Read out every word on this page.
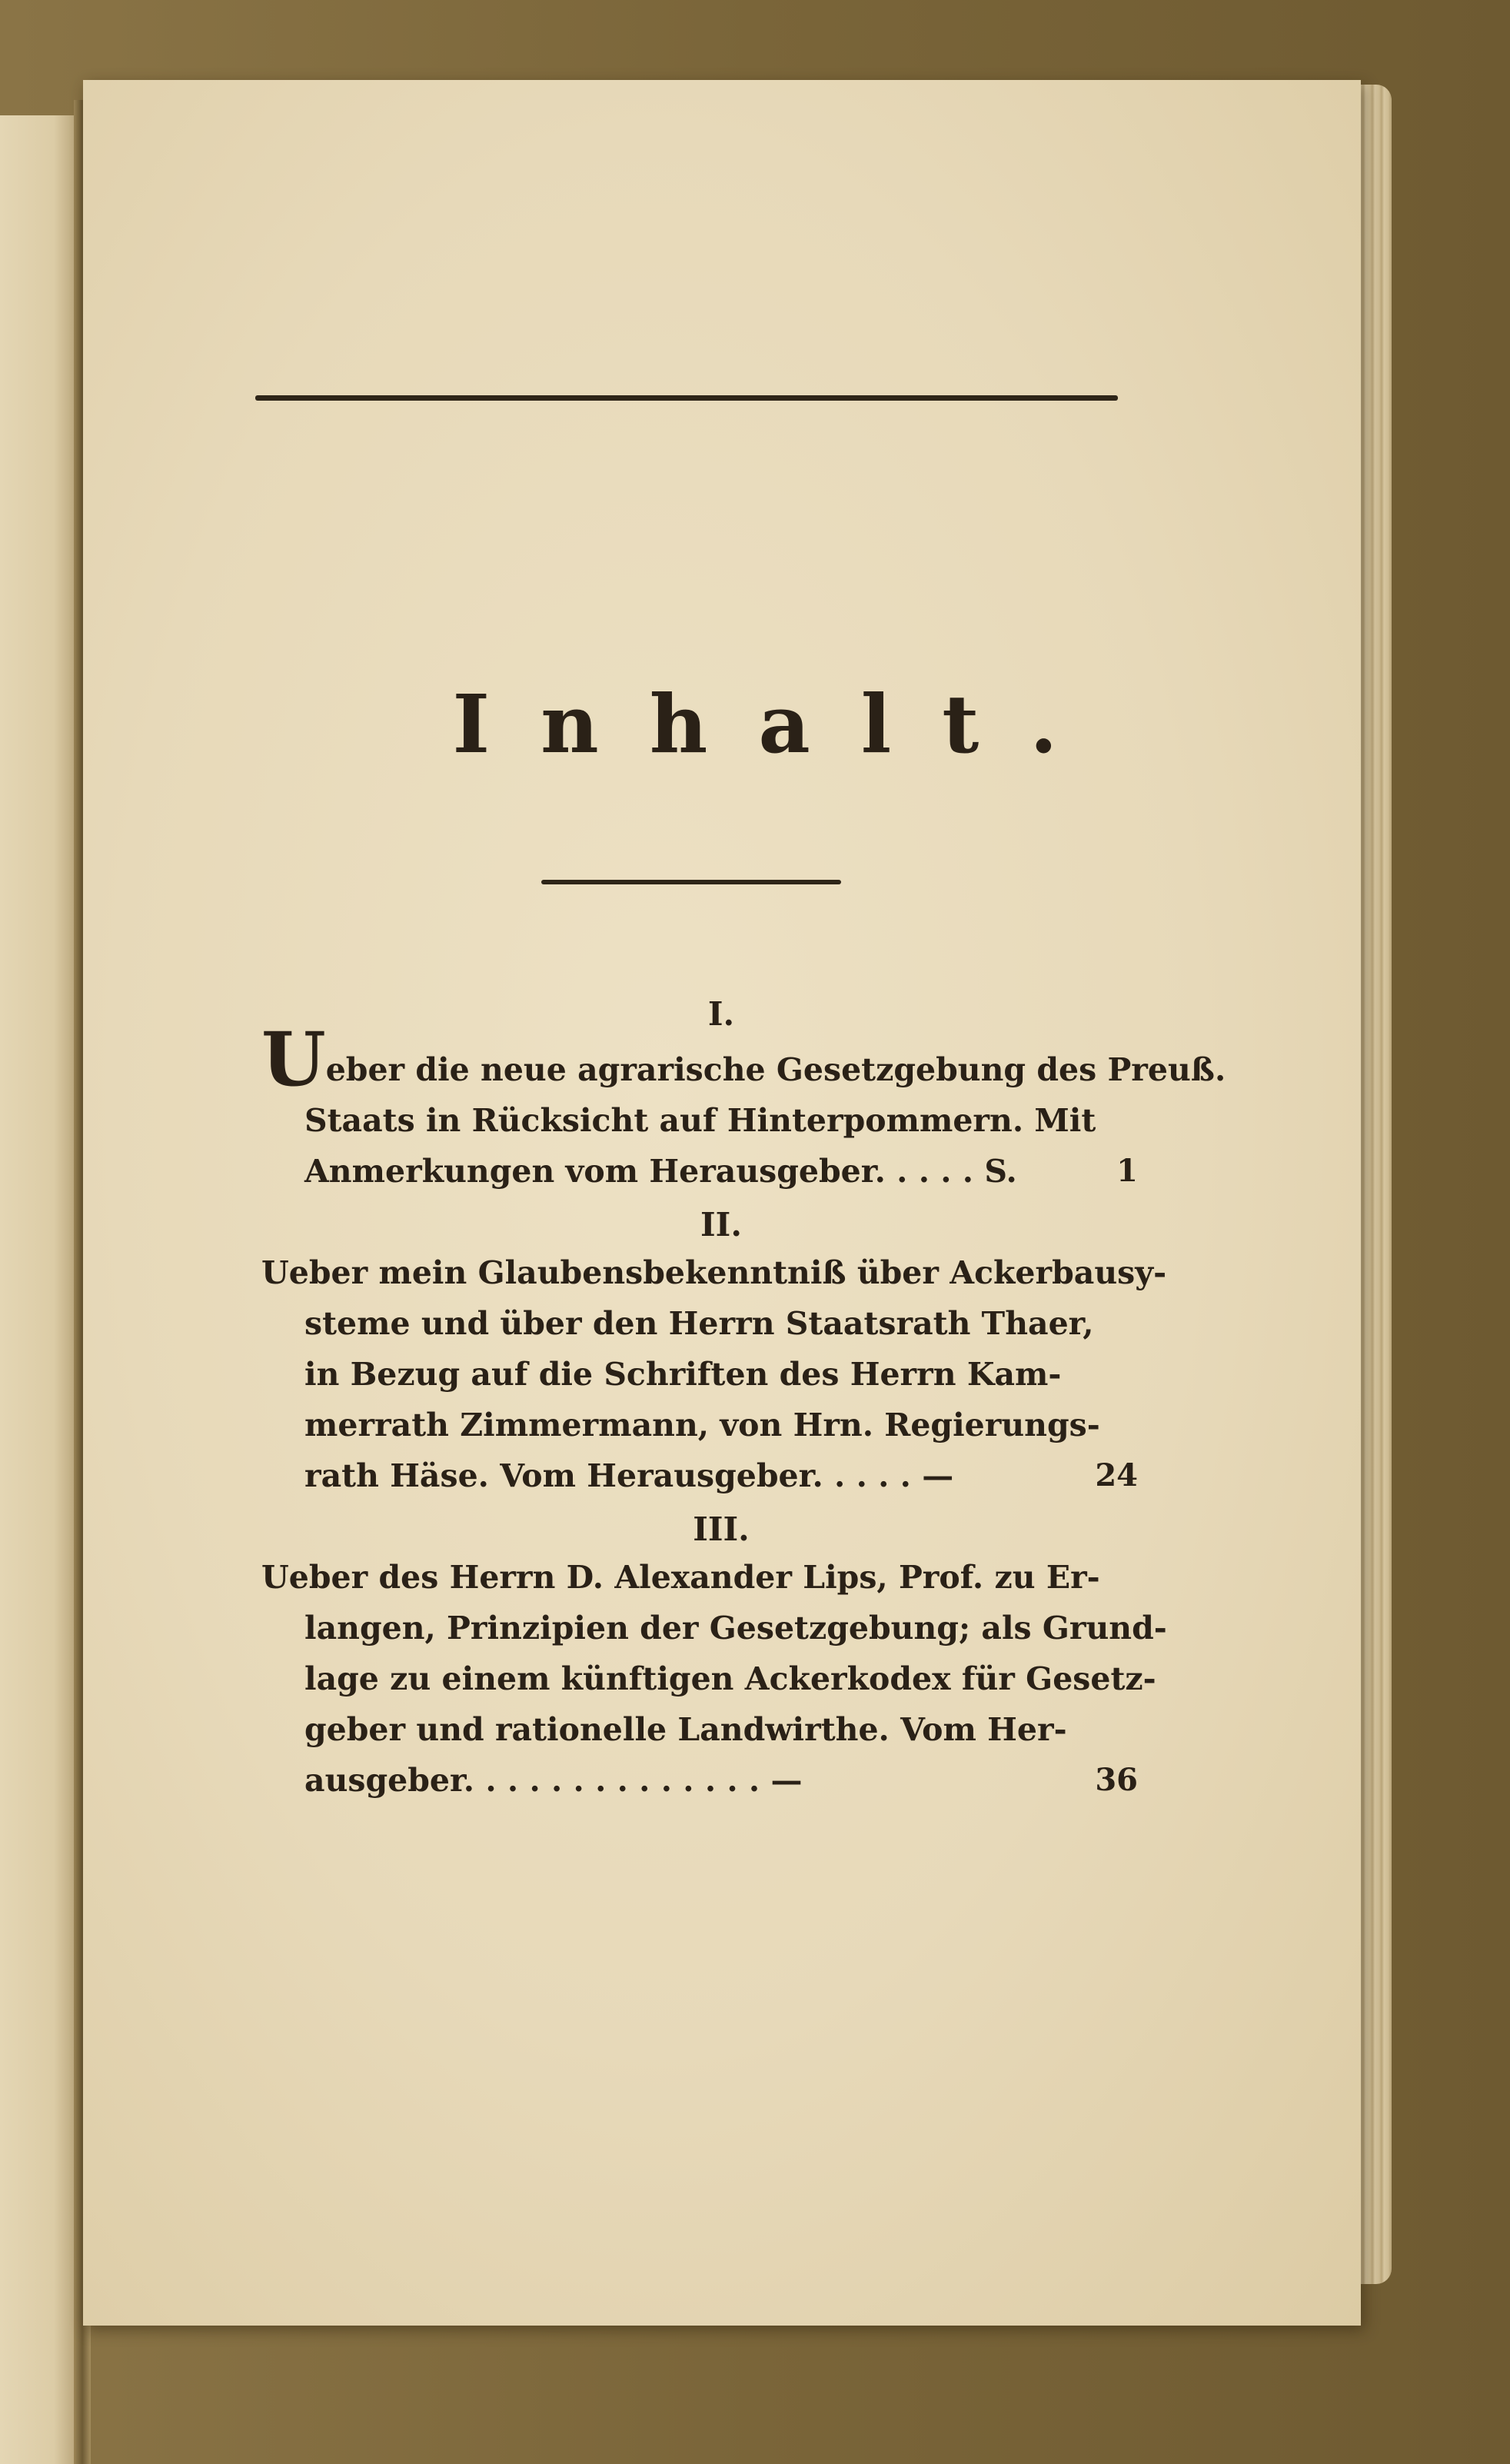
Inhalt.
I.
Ueber die neue agrarische Gesetzgebung des Preuß.
Staats in Rücksicht auf Hinterpommern. Mit
Anmerkungen vom Herausgeber. . . . . S.	1
II.
Ueber mein Glaubensbekenntniß über Ackerbausy-
steme und über den Herrn Staatsrath Thaer,
in Bezug auf die Schriften des Herrn Kam-
merrath Zimmermann, von Hrn. Regierungs-
rath Häse. Vom Herausgeber. . . . . —	24
III.
Ueber des Herrn D. Alexander Lips, Prof. zu Er-
langen, Prinzipien der Gesetzgebung; als Grund-
lage zu einem künftigen Ackerkodex für Gesetz-
geber und rationelle Landwirthe. Vom Her-
ausgeber. . . . . . . . . . . . . . —	36
